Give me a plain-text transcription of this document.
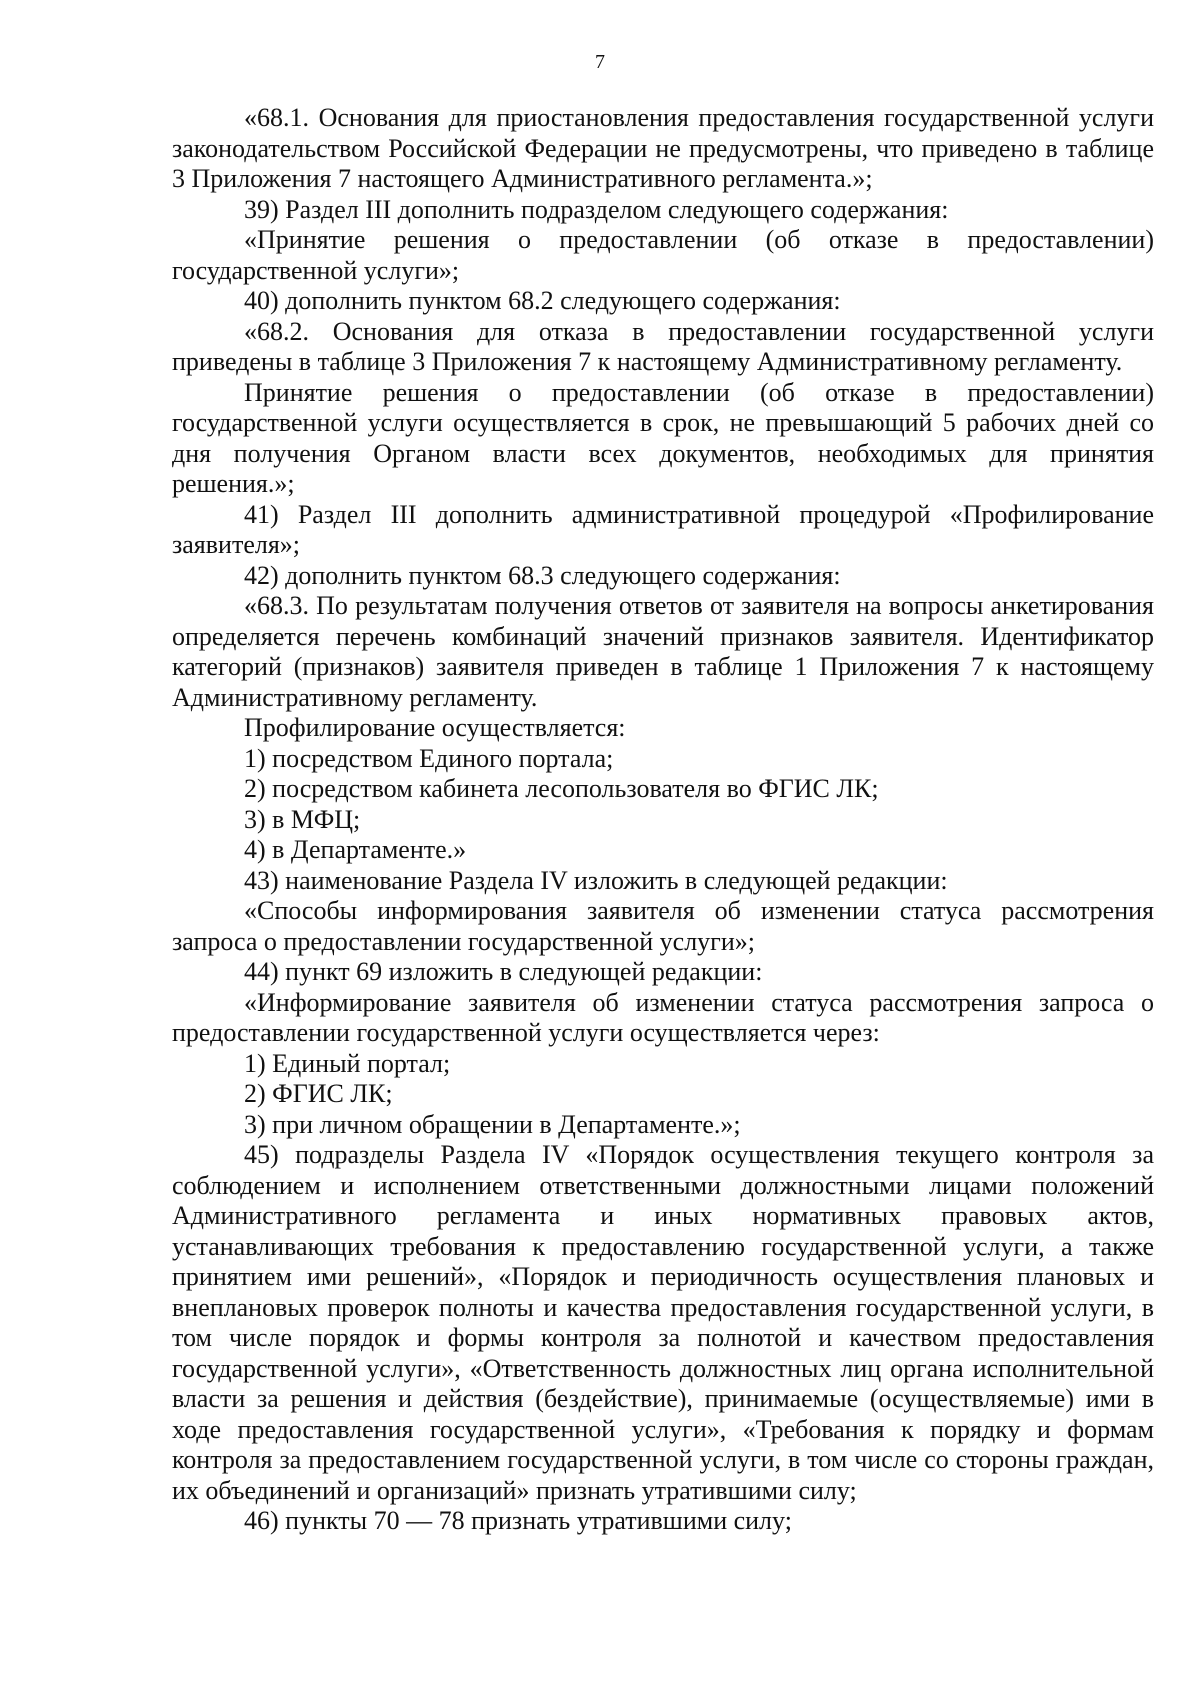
7

«68.1. Основания для приостановления предоставления государственной услуги законодательством Российской Федерации не предусмотрены, что приведено в таблице 3 Приложения 7 настоящего Административного регламента.»;

39) Раздел III дополнить подразделом следующего содержания:

«Принятие решения о предоставлении (об отказе в предоставлении) государственной услуги»;

40) дополнить пунктом 68.2 следующего содержания:

«68.2. Основания для отказа в предоставлении государственной услуги приведены в таблице 3 Приложения 7 к настоящему Административному регламенту.

Принятие решения о предоставлении (об отказе в предоставлении) государственной услуги осуществляется в срок, не превышающий 5 рабочих дней со дня получения Органом власти всех документов, необходимых для принятия решения.»;

41) Раздел III дополнить административной процедурой «Профилирование заявителя»;

42) дополнить пунктом 68.3 следующего содержания:

«68.3. По результатам получения ответов от заявителя на вопросы анкетирования определяется перечень комбинаций значений признаков заявителя. Идентификатор категорий (признаков) заявителя приведен в таблице 1 Приложения 7 к настоящему Административному регламенту.

Профилирование осуществляется:

1) посредством Единого портала;

2) посредством кабинета лесопользователя во ФГИС ЛК;

3) в МФЦ;

4) в Департаменте.»

43) наименование Раздела IV изложить в следующей редакции:

«Способы информирования заявителя об изменении статуса рассмотрения запроса о предоставлении государственной услуги»;

44) пункт 69 изложить в следующей редакции:

«Информирование заявителя об изменении статуса рассмотрения запроса о предоставлении государственной услуги осуществляется через:

1) Единый портал;

2) ФГИС ЛК;

3) при личном обращении в Департаменте.»;

45) подразделы Раздела IV «Порядок осуществления текущего контроля за соблюдением и исполнением ответственными должностными лицами положений Административного регламента и иных нормативных правовых актов, устанавливающих требования к предоставлению государственной услуги, а также принятием ими решений», «Порядок и периодичность осуществления плановых и внеплановых проверок полноты и качества предоставления государственной услуги, в том числе порядок и формы контроля за полнотой и качеством предоставления государственной услуги», «Ответственность должностных лиц органа исполнительной власти за решения и действия (бездействие), принимаемые (осуществляемые) ими в ходе предоставления государственной услуги», «Требования к порядку и формам контроля за предоставлением государственной услуги, в том числе со стороны граждан, их объединений и организаций» признать утратившими силу;

46) пункты 70 — 78 признать утратившими силу;
